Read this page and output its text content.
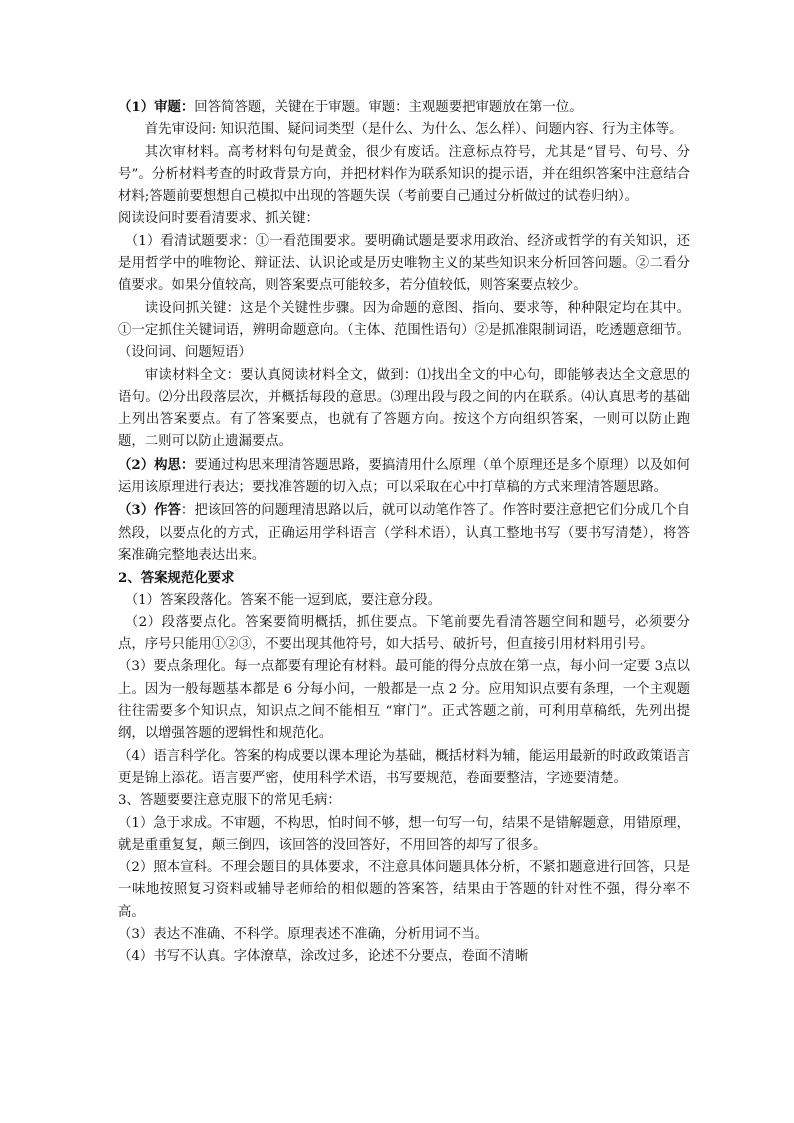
（1）审题：回答简答题，关键在于审题。审题：主观题要把审题放在第一位。

首先审设问: 知识范围、疑问词类型（是什么、为什么、怎么样）、问题内容、行为主体等。

其次审材料。高考材料句句是黄金，很少有废话。注意标点符号，尤其是“冒号、句号、分号”。分析材料考查的时政背景方向，并把材料作为联系知识的提示语，并在组织答案中注意结合材料;答题前要想想自己模拟中出现的答题失误（考前要自己通过分析做过的试卷归纳）。

阅读设问时要看清要求、抓关键：

（1）看清试题要求：①一看范围要求。要明确试题是要求用政治、经济或哲学的有关知识，还是用哲学中的唯物论、辩证法、认识论或是历史唯物主义的某些知识来分析回答问题。②二看分值要求。如果分值较高，则答案要点可能较多，若分值较低，则答案要点较少。

读设问抓关键：这是个关键性步骤。因为命题的意图、指向、要求等，种种限定均在其中。①一定抓住关键词语，辨明命题意向。（主体、范围性语句）②是抓准限制词语，吃透题意细节。（设问词、问题短语）

审读材料全文：要认真阅读材料全文，做到：⑴找出全文的中心句，即能够表达全文意思的语句。⑵分出段落层次，并概括每段的意思。⑶理出段与段之间的内在联系。⑷认真思考的基础上列出答案要点。有了答案要点，也就有了答题方向。按这个方向组织答案，一则可以防止跑题，二则可以防止遗漏要点。

（2）构思：要通过构思来理清答题思路，要搞清用什么原理（单个原理还是多个原理）以及如何运用该原理进行表达；要找准答题的切入点；可以采取在心中打草稿的方式来理清答题思路。

（3）作答：把该回答的问题理清思路以后，就可以动笔作答了。作答时要注意把它们分成几个自然段，以要点化的方式，正确运用学科语言（学科术语），认真工整地书写（要书写清楚），将答案准确完整地表达出来。

2、答案规范化要求

（1）答案段落化。答案不能一逗到底，要注意分段。

（2）段落要点化。答案要简明概括，抓住要点。下笔前要先看清答题空间和题号，必须要分点，序号只能用①②③，不要出现其他符号，如大括号、破折号，但直接引用材料用引号。

（3）要点条理化。每一点都要有理论有材料。最可能的得分点放在第一点，每小问一定要 3点以上。因为一般每题基本都是 6 分每小问，一般都是一点 2 分。应用知识点要有条理，一个主观题往往需要多个知识点，知识点之间不能相互 “窜门”。正式答题之前，可利用草稿纸，先列出提纲，以增强答题的逻辑性和规范化。

（4）语言科学化。答案的构成要以课本理论为基础，概括材料为辅，能运用最新的时政政策语言更是锦上添花。语言要严密，使用科学术语，书写要规范，卷面要整洁，字迹要清楚。

3、答题要要注意克服下的常见毛病：

（1）急于求成。不审题，不构思，怕时间不够，想一句写一句，结果不是错解题意，用错原理，就是重重复复，颠三倒四，该回答的没回答好，不用回答的却写了很多。

（2）照本宣科。不理会题目的具体要求，不注意具体问题具体分析，不紧扣题意进行回答，只是一味地按照复习资料或辅导老师给的相似题的答案答，结果由于答题的针对性不强，得分率不高。

（3）表达不准确、不科学。原理表述不准确，分析用词不当。

（4）书写不认真。字体潦草，涂改过多，论述不分要点，卷面不清晰
